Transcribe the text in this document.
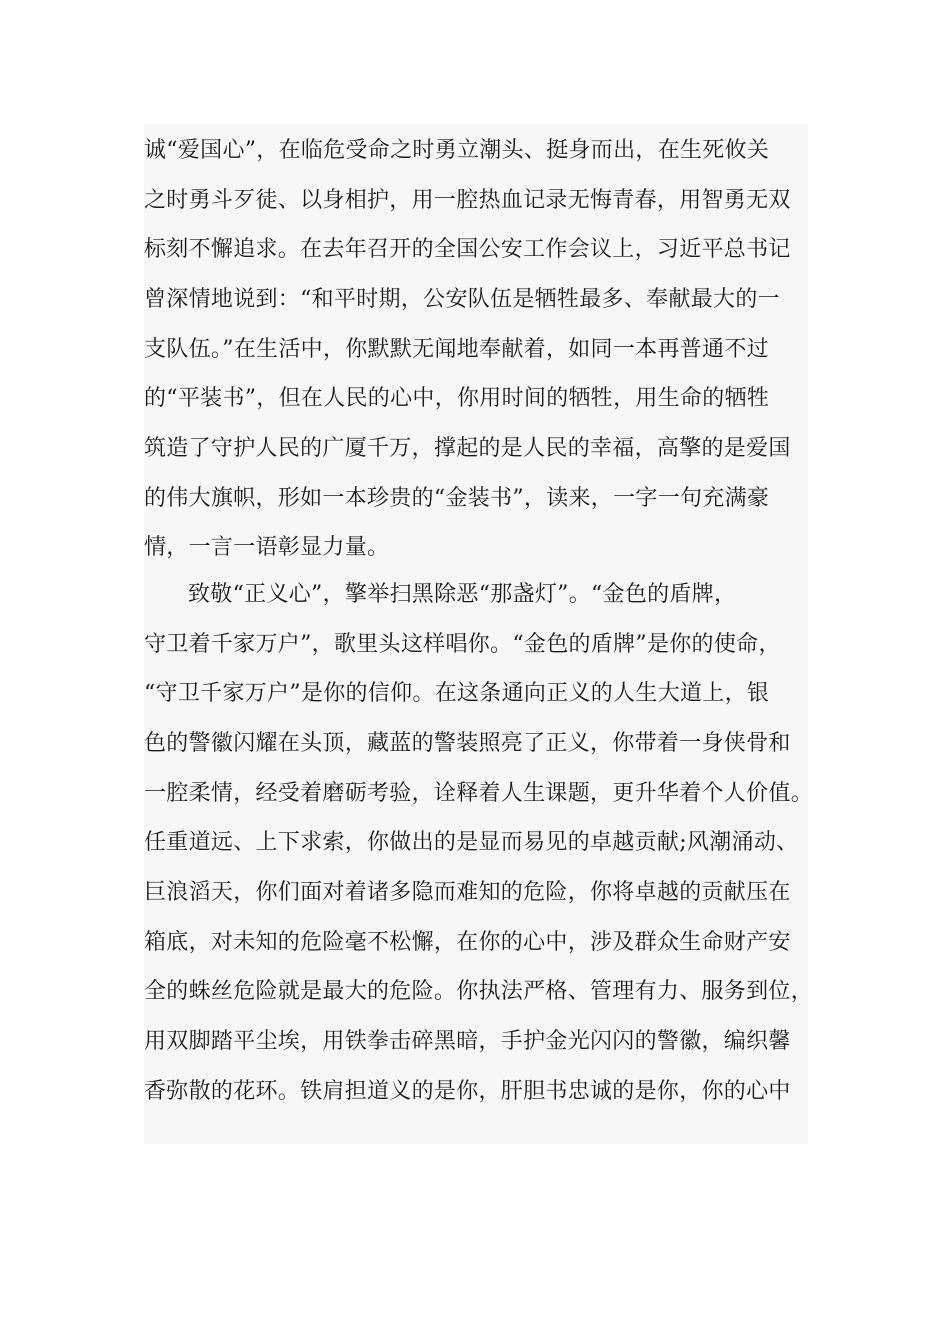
诚“爱国心”，在临危受命之时勇立潮头、挺身而出，在生死攸关
之时勇斗歹徒、以身相护，用一腔热血记录无悔青春，用智勇无双
标刻不懈追求。在去年召开的全国公安工作会议上，习近平总书记
曾深情地说到：“和平时期，公安队伍是牺牲最多、奉献最大的一
支队伍。”在生活中，你默默无闻地奉献着，如同一本再普通不过
的“平装书”，但在人民的心中，你用时间的牺牲，用生命的牺牲
筑造了守护人民的广厦千万，撑起的是人民的幸福，高擎的是爱国
的伟大旗帜，形如一本珍贵的“金装书”，读来，一字一句充满豪
情，一言一语彰显力量。
致敬“正义心”，擎举扫黑除恶“那盏灯”。“金色的盾牌，
守卫着千家万户”，歌里头这样唱你。“金色的盾牌”是你的使命，
“守卫千家万户”是你的信仰。在这条通向正义的人生大道上，银
色的警徽闪耀在头顶，藏蓝的警装照亮了正义，你带着一身侠骨和
一腔柔情，经受着磨砺考验，诠释着人生课题，更升华着个人价值。
任重道远、上下求索，你做出的是显而易见的卓越贡献;风潮涌动、
巨浪滔天，你们面对着诸多隐而难知的危险，你将卓越的贡献压在
箱底，对未知的危险毫不松懈，在你的心中，涉及群众生命财产安
全的蛛丝危险就是最大的危险。你执法严格、管理有力、服务到位，
用双脚踏平尘埃，用铁拳击碎黑暗，手护金光闪闪的警徽，编织馨
香弥散的花环。铁肩担道义的是你，肝胆书忠诚的是你，你的心中
